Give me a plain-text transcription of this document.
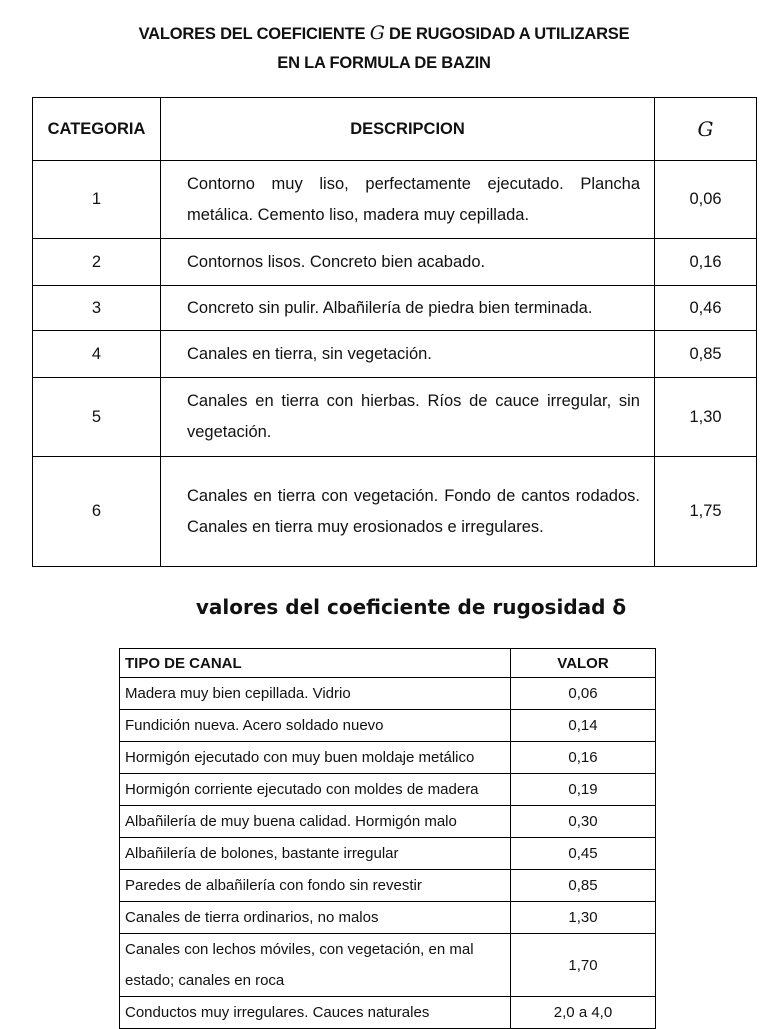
VALORES DEL COEFICIENTE G DE RUGOSIDAD A UTILIZARSE
EN LA FORMULA DE BAZIN
CATEGORIA	DESCRIPCION	G
1	Contorno muy liso, perfectamente ejecutado. Plancha metálica. Cemento liso, madera muy cepillada.	0,06
2	Contornos lisos. Concreto bien acabado.	0,16
3	Concreto sin pulir. Albañilería de piedra bien terminada.	0,46
4	Canales en tierra, sin vegetación.	0,85
5	Canales en tierra con hierbas. Ríos de cauce irregular, sin vegetación.	1,30
6	Canales en tierra con vegetación. Fondo de cantos rodados. Canales en tierra muy erosionados e irregulares.	1,75
valores del coeficiente de rugosidad δ
TIPO DE CANAL	VALOR
Madera muy bien cepillada. Vidrio	0,06
Fundición nueva. Acero soldado nuevo	0,14
Hormigón ejecutado con muy buen moldaje metálico	0,16
Hormigón corriente ejecutado con moldes de madera	0,19
Albañilería de muy buena calidad. Hormigón malo	0,30
Albañilería de bolones, bastante irregular	0,45
Paredes de albañilería con fondo sin revestir	0,85
Canales de tierra ordinarios, no malos	1,30
Canales con lechos móviles, con vegetación, en mal estado; canales en roca	1,70
Conductos muy irregulares. Cauces naturales	2,0 a 4,0
